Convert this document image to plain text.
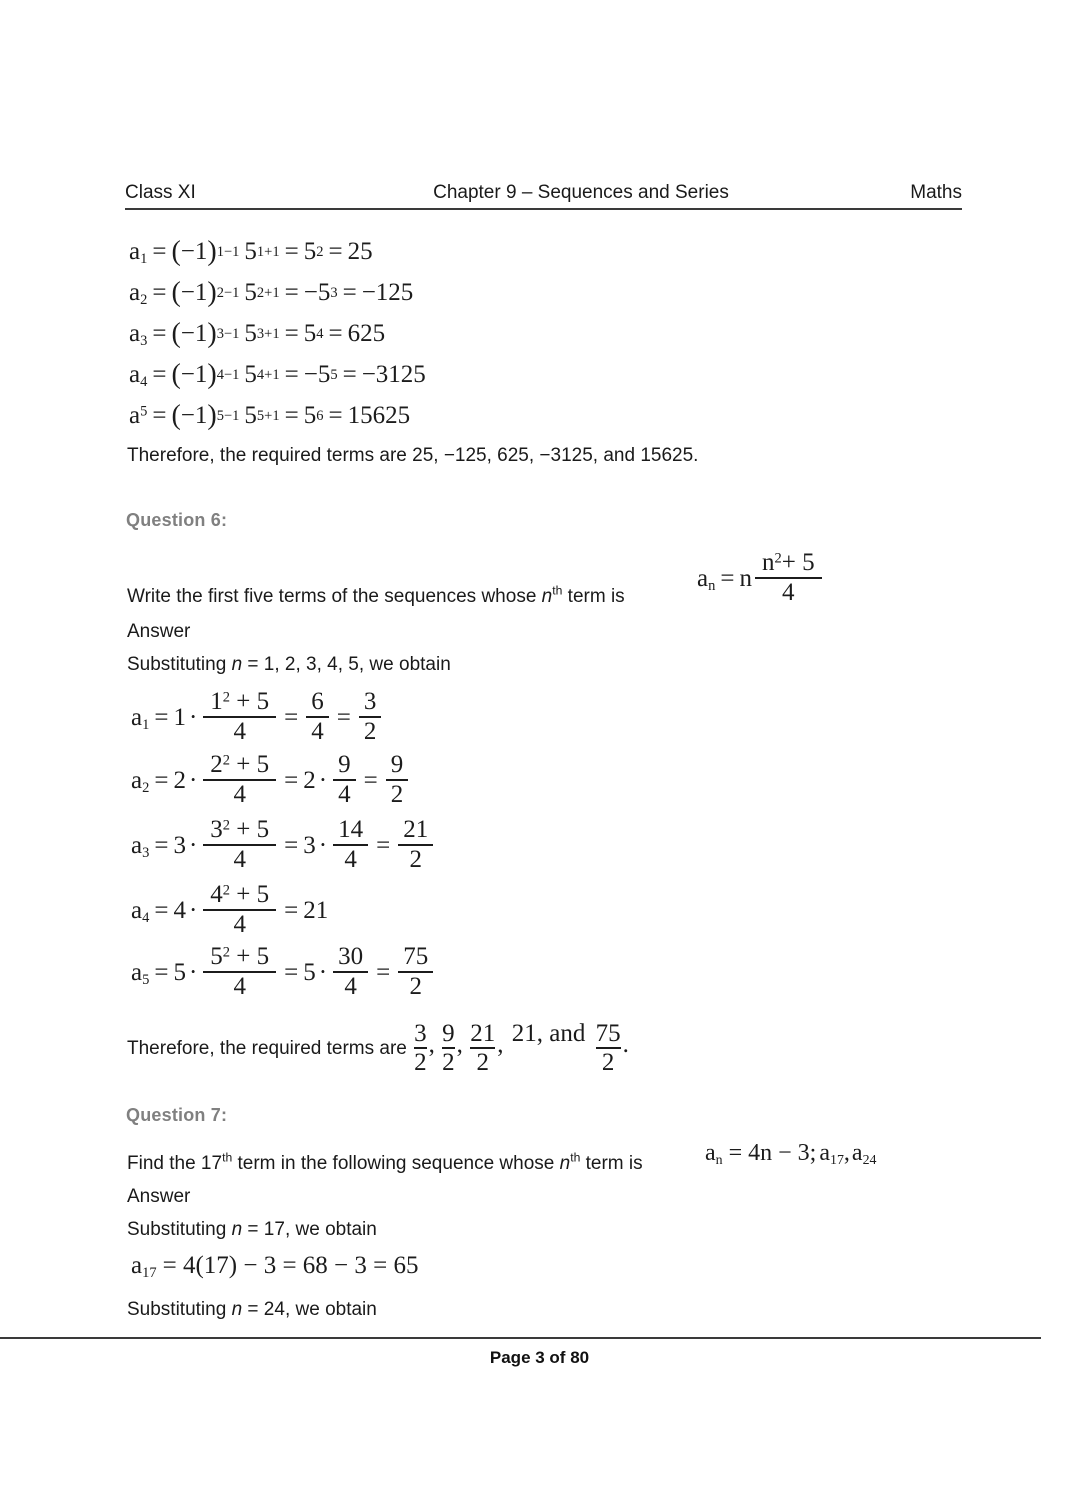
Class XI	Chapter 9 – Sequences and Series	Maths
$a_1$ = ( −1 ) 1−1 5 1+1 = 5 2 = 25
$a_2$ = ( −1 ) 2−1 5 2+1 = −5 3 = −125
$a_3$ = ( −1 ) 3−1 5 3+1 = 5 4 = 625
$a_4$ = ( −1 ) 4−1 5 4+1 = −5 5 = −3125
$a^5$ = ( −1 ) 5−1 5 5+1 = 5 6 = 15625
Therefore, the required terms are 25, −125, 625, −3125, and 15625.
Question 6:
Write the first five terms of the sequences whose $n^{th}$ term is
$a_n = n \frac{n^2+ 5}{4}$
Answer
Substituting n = 1, 2, 3, 4, 5, we obtain
$a_1 = 1 \cdot \frac{1^2 + 5}{4} = \frac{6}{4} = \frac{3}{2}$
$a_2 = 2 \cdot \frac{2^2 + 5}{4} = 2 \cdot \frac{9}{4} = \frac{9}{2}$
$a_3 = 3 \cdot \frac{3^2 + 5}{4} = 3 \cdot \frac{14}{4} = \frac{21}{2}$
$a_4 = 4 \cdot \frac{4^2 + 5}{4} = 21$
$a_5 = 5 \cdot \frac{5^2 + 5}{4} = 5 \cdot \frac{30}{4} = \frac{75}{2}$
Therefore, the required terms are $\frac{3}{2}$ , $\frac{9}{2}$ , $\frac{21}{2}$ , 21, and $\frac{75}{2}$ .
Question 7:
Find the 17th term in the following sequence whose $n^{th}$ term is	$a_n = 4n - 3$; $a_{17}$ , $a_{24}$
Answer
Substituting n = 17, we obtain
$a_{17} = 4(17) - 3 = 68 - 3 = 65$
Substituting n = 24, we obtain
Page 3 of 80
